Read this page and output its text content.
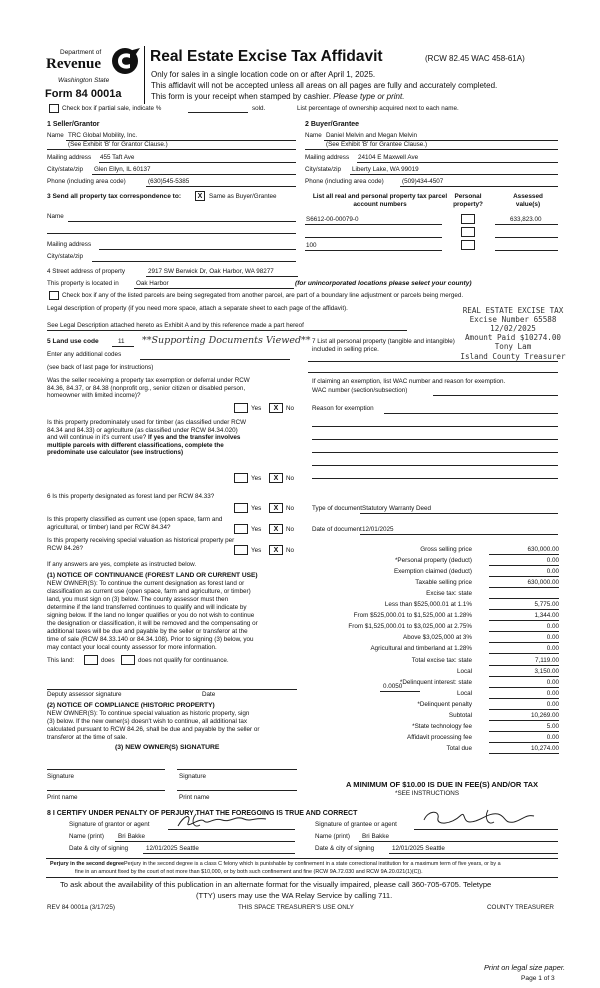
Department of
Revenue
Washington State
Form 84 0001a
Real Estate Excise Tax Affidavit	(RCW 82.45 WAC 458-61A)
Only for sales in a single location code on or after April 1, 2025.
This affidavit will not be accepted unless all areas on all pages are fully and accurately completed.
This form is your receipt when stamped by cashier. Please type or print.
Check box if partial sale, indicate %	sold.	List percentage of ownership acquired next to each name.
1 Seller/Grantor
Name TRC Global Mobility, Inc.
(See Exhibit 'B' for Grantor Clause.)
Mailing address 455 Taft Ave
City/state/zip Glen Ellyn, IL 60137
Phone (including area code)	(630)545-5385
2 Buyer/Grantee
Name Daniel Melvin and Megan Melvin
(See Exhibit 'B' for Grantee Clause.)
Mailing address 24104 E Maxwell Ave
City/state/zip Liberty Lake, WA 99019
Phone (including area code)	(509)434-4507
3 Send all property tax correspondence to:	X	Same as Buyer/Grantee
Name
Mailing address
City/state/zip
List all real and personal property tax parcel account numbers
Personal property?
Assessed value(s)
S6612-00-00079-0	633,823.00
100
4 Street address of property	2917 SW Berwick Dr, Oak Harbor, WA 98277
This property is located in	Oak Harbor	(for unincorporated locations please select your county)
Check box if any of the listed parcels are being segregated from another parcel, are part of a boundary line adjustment or parcels being merged.
Legal description of property (if you need more space, attach a separate sheet to each page of the affidavit).
See Legal Description attached hereto as Exhibit A and by this reference made a part hereof
REAL ESTATE EXCISE TAX
Excise Number 65588
12/02/2025
Amount Paid $10274.00
Tony Lam
Island County Treasurer
5 Land use code	11 **Supporting Documents Viewed**
Enter any additional codes
(see back of last page for instructions)
Was the seller receiving a property tax exemption or deferral under RCW 84.36, 84.37, or 84.38 (nonprofit org., senior citizen or disabled person, homeowner with limited income)?
Yes	X	No
Is this property predominately used for timber (as classified under RCW 84.34 and 84.33) or agriculture (as classified under RCW 84.34.020) and will continue in it's current use? If yes and the transfer involves multiple parcels with different classifications, complete the predominate use calculator (see instructions)
Yes	X	No
6 Is this property designated as forest land per RCW 84.33?
Yes	X	No
Is this property classified as current use (open space, farm and agricultural, or timber) land per RCW 84.34?	Yes	X	No
Is this property receiving special valuation as historical property per RCW 84.26?	Yes	X	No
If any answers are yes, complete as instructed below.
(1) NOTICE OF CONTINUANCE (FOREST LAND OR CURRENT USE)
NEW OWNER(S): To continue the current designation as forest land or
classification as current use (open space, farm and agriculture, or timber)
land, you must sign on (3) below. The county assessor must then
determine if the land transferred continues to qualify and will indicate by
signing below. If the land no longer qualifies or you do not wish to continue
the designation or classification, it will be removed and the compensating or
additional taxes will be due and payable by the seller or transferor at the
time of sale (RCW 84.33.140 or 84.34.108). Prior to signing (3) below, you
may contact your local county assessor for more information.
This land:	does	does not qualify for continuance.
Deputy assessor signature	Date
(2) NOTICE OF COMPLIANCE (HISTORIC PROPERTY)
NEW OWNER(S): To continue special valuation as historic property, sign
(3) below. If the new owner(s) doesn't wish to continue, all additional tax
calculated pursuant to RCW 84.26, shall be due and payable by the seller or
transferor at the time of sale.
(3) NEW OWNER(S) SIGNATURE
Signature	Signature
Print name	Print name
7 List all personal property (tangible and intangible) included in selling price.
If claiming an exemption, list WAC number and reason for exemption.
WAC number (section/subsection)
Reason for exemption
Type of document Statutory Warranty Deed
Date of document 12/01/2025
Gross selling price	630,000.00
*Personal property (deduct)	0.00
Exemption claimed (deduct)	0.00
Taxable selling price	630,000.00
Excise tax: state
Less than $525,000.01 at 1.1%	5,775.00
From $525,000.01 to $1,525,000 at 1.28%	1,344.00
From $1,525,000.01 to $3,025,000 at 2.75%	0.00
Above $3,025,000 at 3%	0.00
Agricultural and timberland at 1.28%	0.00
Total excise tax: state	7,119.00
Local	3,150.00
*Delinquent interest: state	0.00
Local	0.00
*Delinquent penalty	0.00
Subtotal	10,269.00
*State technology fee	5.00
Affidavit processing fee	0.00
Total due	10,274.00
0.0050
A MINIMUM OF $10.00 IS DUE IN FEE(S) AND/OR TAX
*SEE INSTRUCTIONS
8 I CERTIFY UNDER PENALTY OF PERJURY THAT THE FOREGOING IS TRUE AND CORRECT
Signature of grantor or agent
Name (print) Bri Bakke
Date & city of signing	12/01/2025 Seattle
Signature of grantee or agent
Name (print) Bri Bakke
Date & city of signing	12/01/2025 Seattle
Perjury in the second degreePerjury in the second degree is a class C felony which is punishable by confinement in a state correctional institution for a maximum term of five years, or by a
fine in an amount fixed by the court of not more than $10,000, or by both such confinement and fine (RCW 9A.72.030 and RCW 9A.20.021(1)(C)).
To ask about the availability of this publication in an alternate format for the visually impaired, please call 360-705-6705. Teletype
(TTY) users may use the WA Relay Service by calling 711.
REV 84 0001a (3/17/25)	THIS SPACE TREASURER'S USE ONLY	COUNTY TREASURER
Print on legal size paper.
Page 1 of 3
